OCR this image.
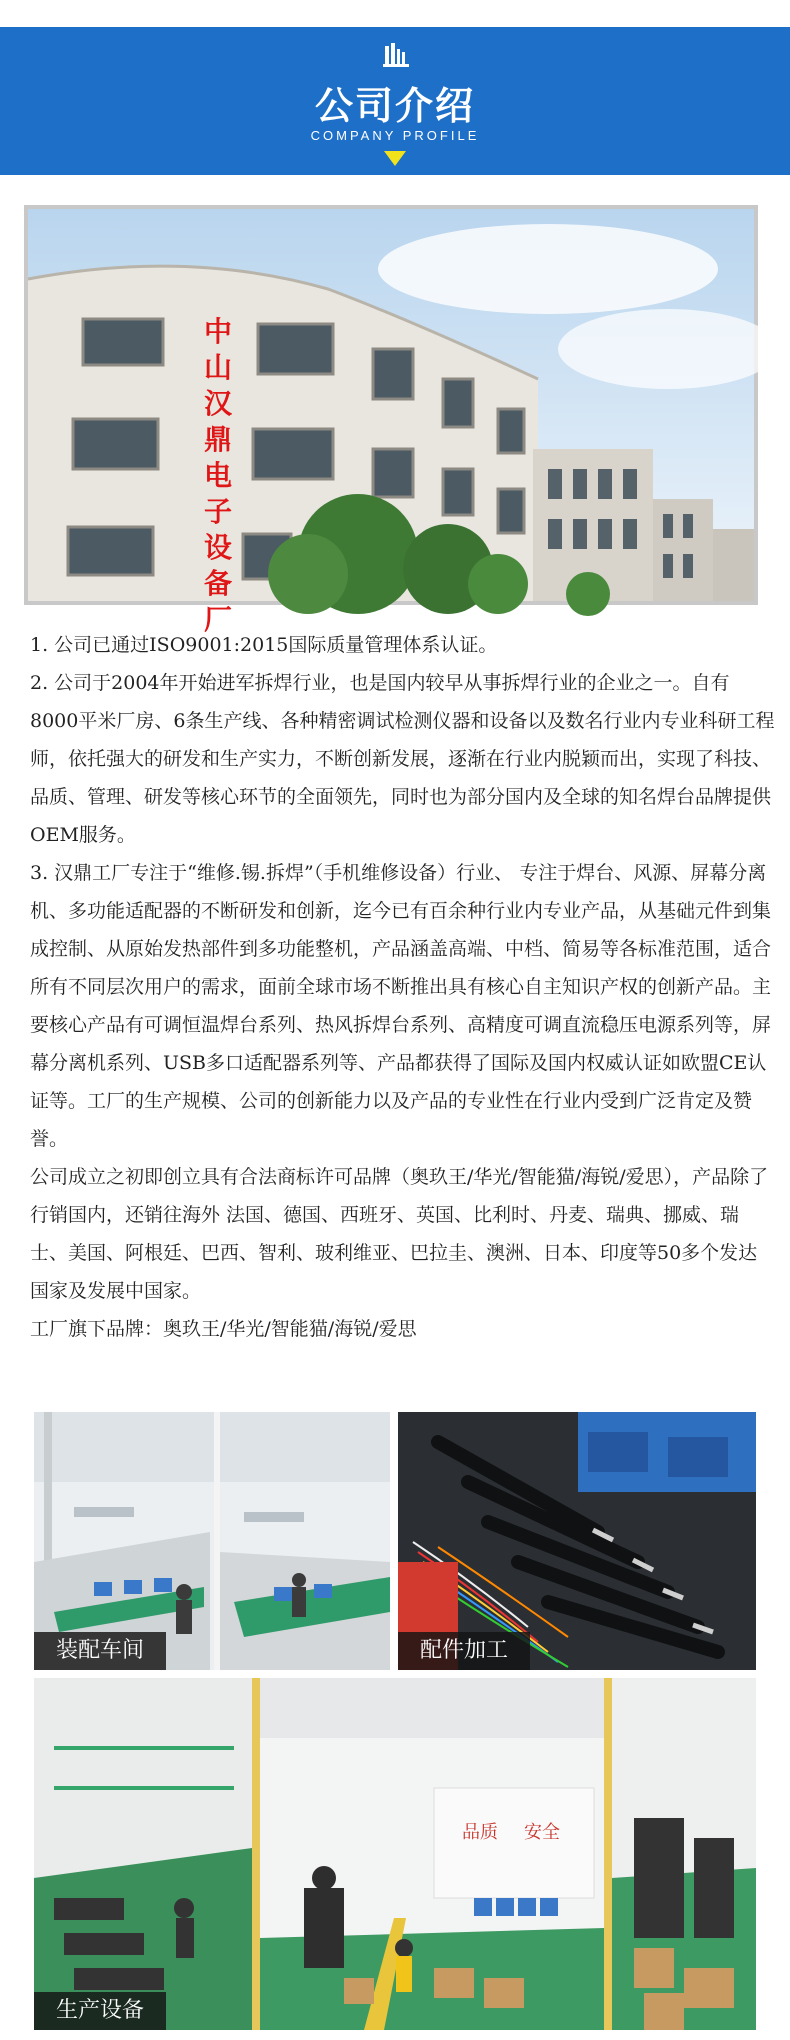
公司介绍
COMPANY PROFILE
中山汉鼎电子设备厂

1. 公司已通过ISO9001:2015国际质量管理体系认证。

2. 公司于2004年开始进军拆焊行业，也是国内较早从事拆焊行业的企业之一。自有8000平米厂房、6条生产线、各种精密调试检测仪器和设备以及数名行业内专业科研工程师，依托强大的研发和生产实力，不断创新发展，逐渐在行业内脱颖而出，实现了科技、品质、管理、研发等核心环节的全面领先，同时也为部分国内及全球的知名焊台品牌提供OEM服务。

3. 汉鼎工厂专注于“维修.锡.拆焊”（手机维修设备）行业、 专注于焊台、风源、屏幕分离机、多功能适配器的不断研发和创新，迄今已有百余种行业内专业产品，从基础元件到集成控制、从原始发热部件到多功能整机，产品涵盖高端、中档、简易等各标准范围，适合所有不同层次用户的需求，面前全球市场不断推出具有核心自主知识产权的创新产品。主要核心产品有可调恒温焊台系列、热风拆焊台系列、高精度可调直流稳压电源系列等，屏幕分离机系列、USB多口适配器系列等、产品都获得了国际及国内权威认证如欧盟CE认证等。工厂的生产规模、公司的创新能力以及产品的专业性在行业内受到广泛肯定及赞誉。

公司成立之初即创立具有合法商标许可品牌（奥玖王/华光/智能猫/海锐/爱思），产品除了行销国内，还销往海外 法国、德国、西班牙、英国、比利时、丹麦、瑞典、挪威、瑞士、美国、阿根廷、巴西、智利、玻利维亚、巴拉圭、澳洲、日本、印度等50多个发达国家及发展中国家。

工厂旗下品牌：奥玖王/华光/智能猫/海锐/爱思

装配车间	配件加工
品质 安全
生产设备
